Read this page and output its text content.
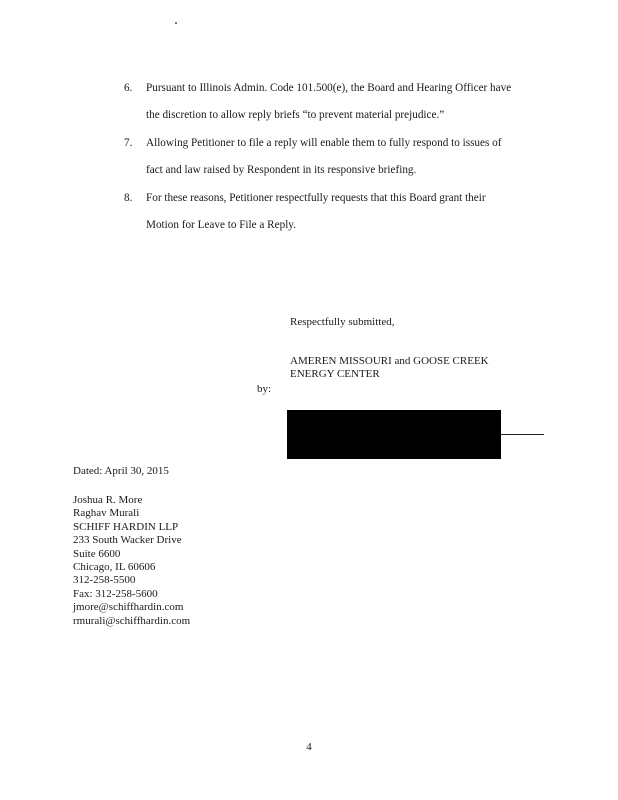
6. Pursuant to Illinois Admin. Code 101.500(e), the Board and Hearing Officer have
the discretion to allow reply briefs “to prevent material prejudice.”
7. Allowing Petitioner to file a reply will enable them to fully respond to issues of
fact and law raised by Respondent in its responsive briefing.
8. For these reasons, Petitioner respectfully requests that this Board grant their
Motion for Leave to File a Reply.
Respectfully submitted,
AMEREN MISSOURI and GOOSE CREEK
ENERGY CENTER
by:
Dated: April 30, 2015
Joshua R. More
Raghav Murali
SCHIFF HARDIN LLP
233 South Wacker Drive
Suite 6600
Chicago, IL 60606
312-258-5500
Fax: 312-258-5600
jmore@schiffhardin.com
rmurali@schiffhardin.com
4
